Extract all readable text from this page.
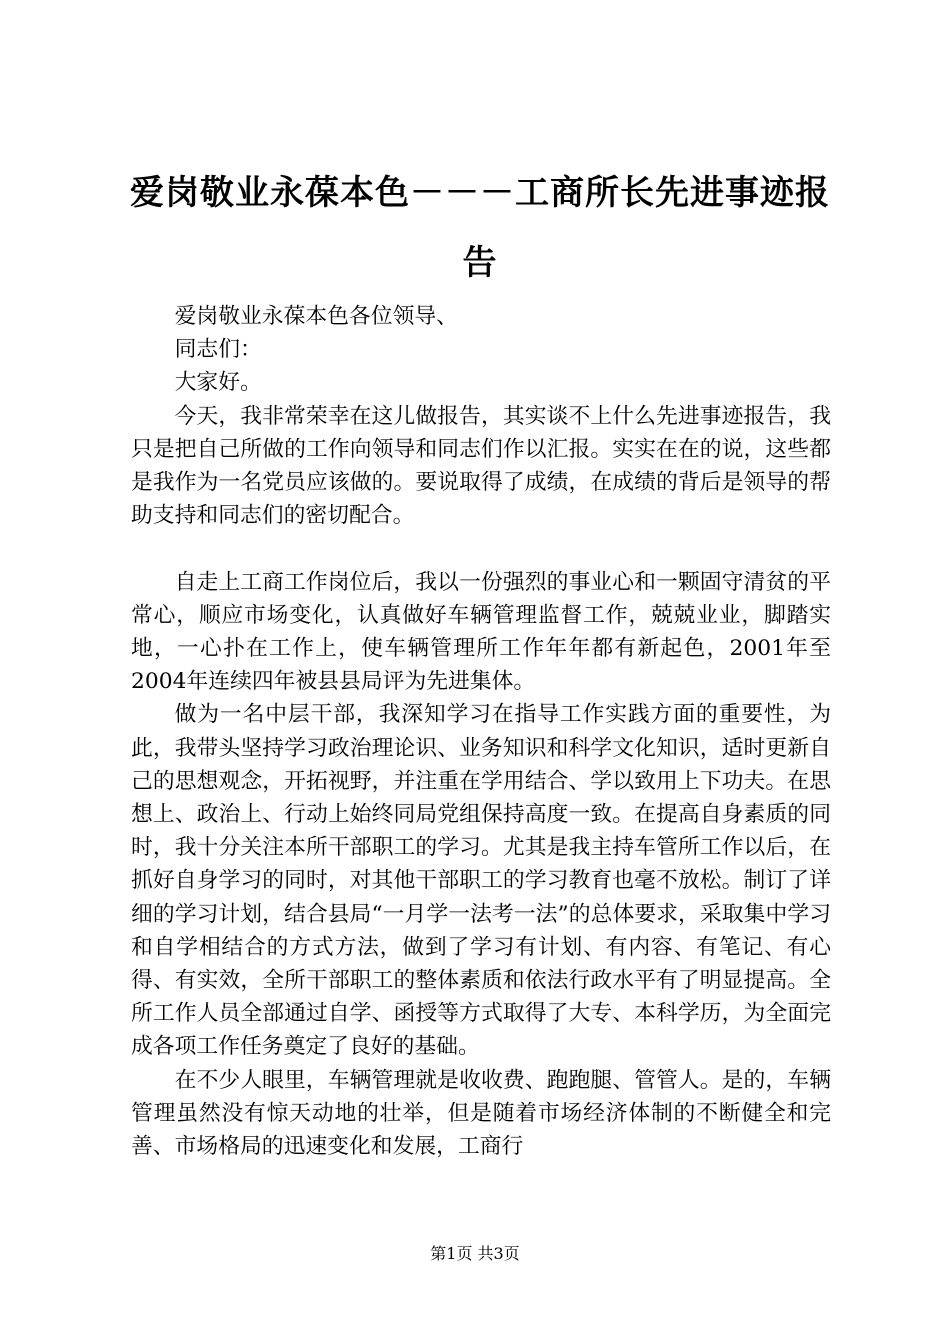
爱岗敬业永葆本色－－－工商所长先进事迹报告

爱岗敬业永葆本色各位领导、

同志们：

大家好。

今天，我非常荣幸在这儿做报告，其实谈不上什么先进事迹报告，我只是把自己所做的工作向领导和同志们作以汇报。实实在在的说，这些都是我作为一名党员应该做的。要说取得了成绩，在成绩的背后是领导的帮助支持和同志们的密切配合。

自走上工商工作岗位后，我以一份强烈的事业心和一颗固守清贫的平常心，顺应市场变化，认真做好车辆管理监督工作，兢兢业业，脚踏实地，一心扑在工作上，使车辆管理所工作年年都有新起色，2001年至2004年连续四年被县县局评为先进集体。

做为一名中层干部，我深知学习在指导工作实践方面的重要性，为此，我带头坚持学习政治理论识、业务知识和科学文化知识，适时更新自己的思想观念，开拓视野，并注重在学用结合、学以致用上下功夫。在思想上、政治上、行动上始终同局党组保持高度一致。在提高自身素质的同时，我十分关注本所干部职工的学习。尤其是我主持车管所工作以后，在抓好自身学习的同时，对其他干部职工的学习教育也毫不放松。制订了详细的学习计划，结合县局“一月学一法考一法”的总体要求，采取集中学习和自学相结合的方式方法，做到了学习有计划、有内容、有笔记、有心得、有实效，全所干部职工的整体素质和依法行政水平有了明显提高。全所工作人员全部通过自学、函授等方式取得了大专、本科学历，为全面完成各项工作任务奠定了良好的基础。

在不少人眼里，车辆管理就是收收费、跑跑腿、管管人。是的，车辆管理虽然没有惊天动地的壮举，但是随着市场经济体制的不断健全和完善、市场格局的迅速变化和发展，工商行

第1页 共3页
